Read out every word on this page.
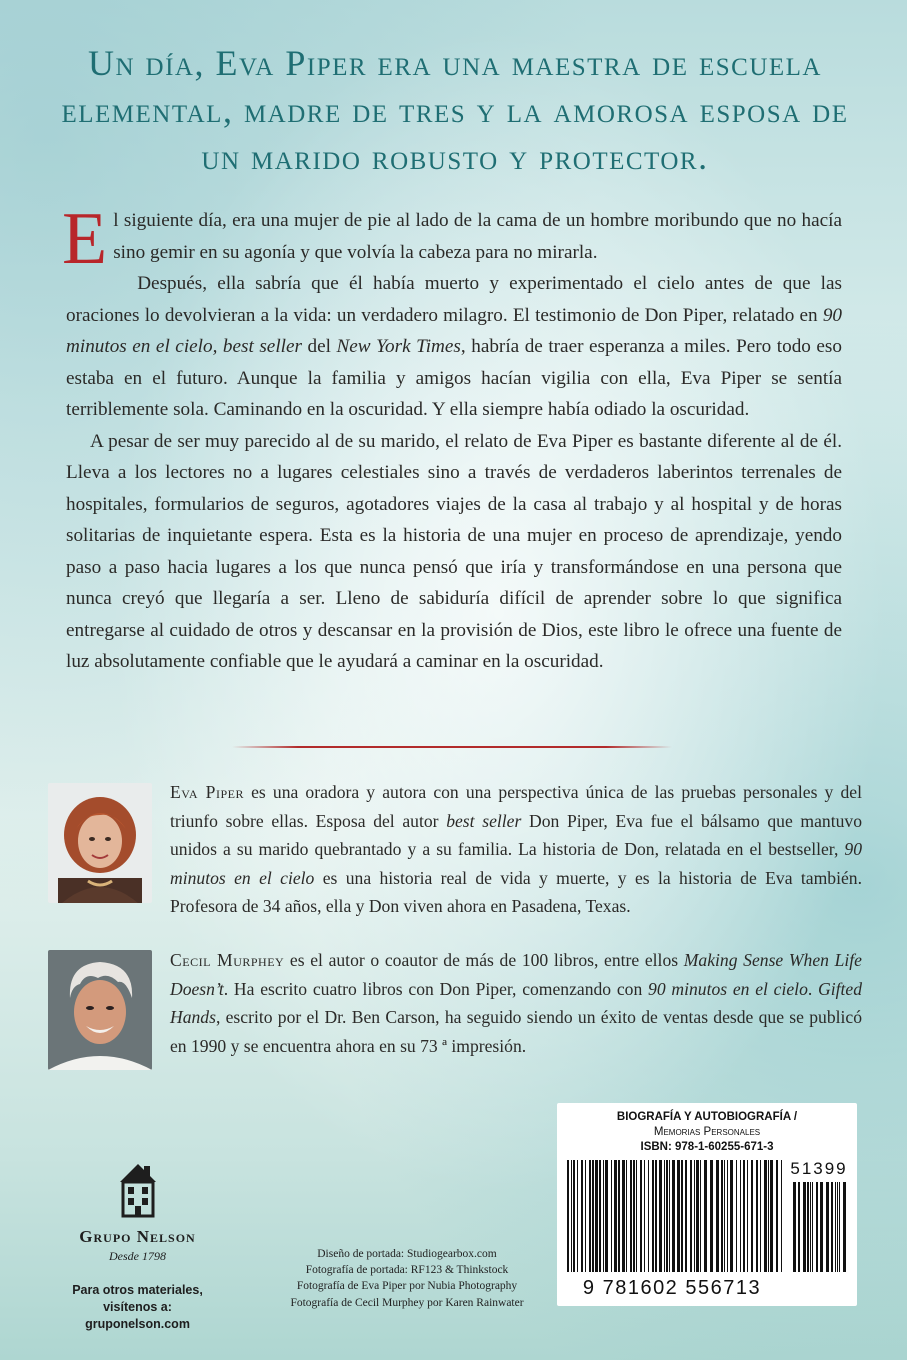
Un día, Eva Piper era una maestra de escuela elemental, madre de tres y la amorosa esposa de un marido robusto y protector.

El siguiente día, era una mujer de pie al lado de la cama de un hombre moribundo que no hacía sino gemir en su agonía y que volvía la cabeza para no mirarla.

Después, ella sabría que él había muerto y experimentado el cielo antes de que las oraciones lo devolvieran a la vida: un verdadero milagro. El testimonio de Don Piper, relatado en 90 minutos en el cielo, best seller del New York Times, habría de traer esperanza a miles. Pero todo eso estaba en el futuro. Aunque la familia y amigos hacían vigilia con ella, Eva Piper se sentía terriblemente sola. Caminando en la oscuridad. Y ella siempre había odiado la oscuridad.

A pesar de ser muy parecido al de su marido, el relato de Eva Piper es bastante diferente al de él. Lleva a los lectores no a lugares celestiales sino a través de verdaderos laberintos terrenales de hospitales, formularios de seguros, agotadores viajes de la casa al trabajo y al hospital y de horas solitarias de inquietante espera. Esta es la historia de una mujer en proceso de aprendizaje, yendo paso a paso hacia lugares a los que nunca pensó que iría y transformándose en una persona que nunca creyó que llegaría a ser. Lleno de sabiduría difícil de aprender sobre lo que significa entregarse al cuidado de otros y descansar en la provisión de Dios, este libro le ofrece una fuente de luz absolutamente confiable que le ayudará a caminar en la oscuridad.

Eva Piper es una oradora y autora con una perspectiva única de las pruebas personales y del triunfo sobre ellas. Esposa del autor best seller Don Piper, Eva fue el bálsamo que mantuvo unidos a su marido quebrantado y a su familia. La historia de Don, relatada en el bestseller, 90 minutos en el cielo es una historia real de vida y muerte, y es la historia de Eva también. Profesora de 34 años, ella y Don viven ahora en Pasadena, Texas.
Cecil Murphey es el autor o coautor de más de 100 libros, entre ellos Making Sense When Life Doesn’t. Ha escrito cuatro libros con Don Piper, comenzando con 90 minutos en el cielo. Gifted Hands, escrito por el Dr. Ben Carson, ha seguido siendo un éxito de ventas desde que se publicó en 1990 y se encuentra ahora en su 73 ª impresión.
Grupo Nelson
Desde 1798
Para otros materiales, visítenos a:
gruponelson.com
Diseño de portada: Studiogearbox.com
Fotografía de portada: RF123 & Thinkstock
Fotografía de Eva Piper por Nubia Photography
Fotografía de Cecil Murphey por Karen Rainwater
BIOGRAFÍA Y AUTOBIOGRAFÍA /
Memorias Personales
ISBN: 978-1-60255-671-3
51399
9 781602 556713
